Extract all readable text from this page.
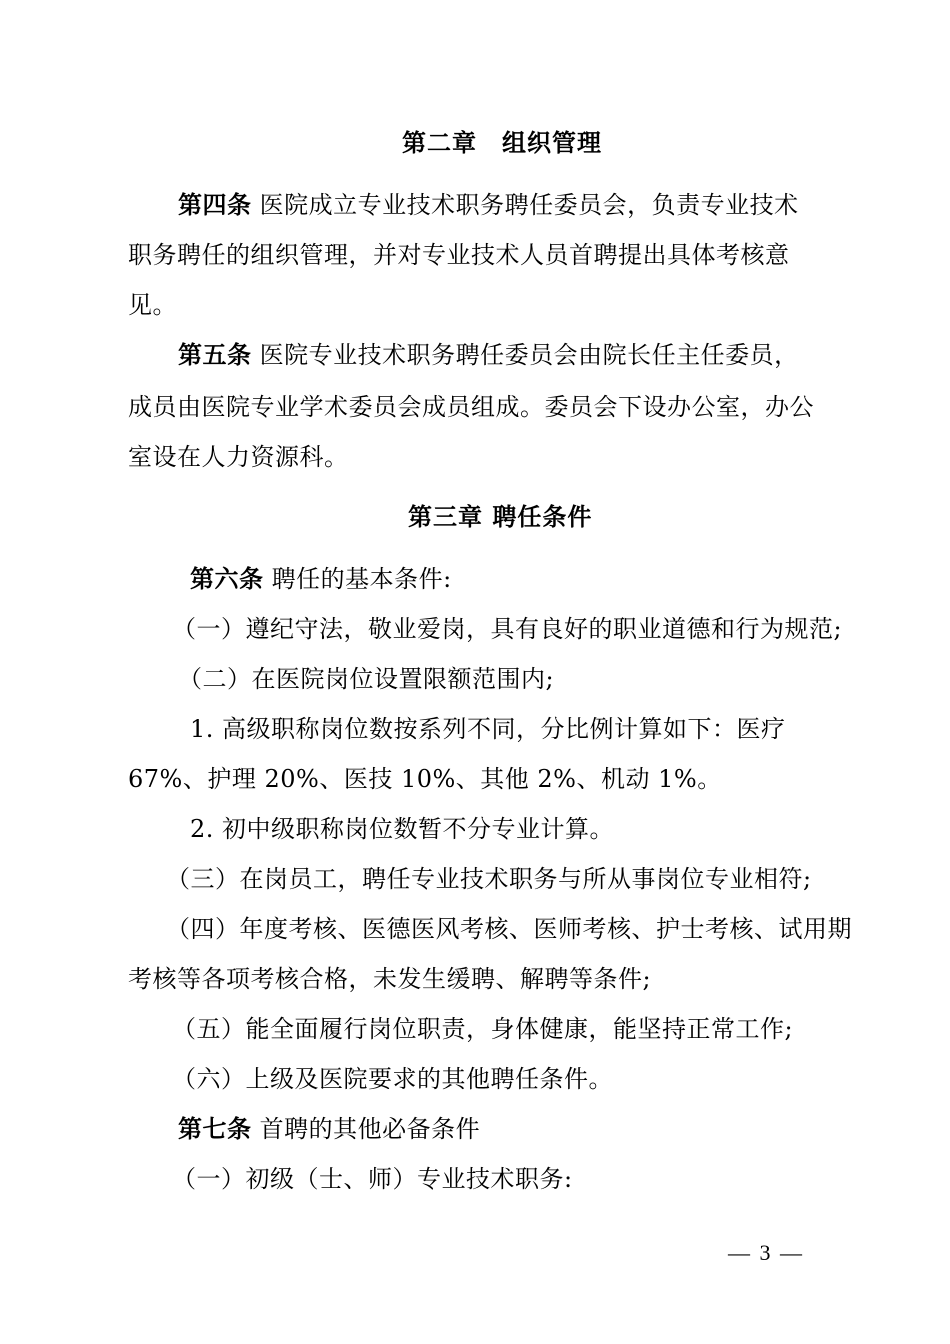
第二章　组织管理
第四条 医院成立专业技术职务聘任委员会，负责专业技术
职务聘任的组织管理，并对专业技术人员首聘提出具体考核意
见。
第五条 医院专业技术职务聘任委员会由院长任主任委员，
成员由医院专业学术委员会成员组成。委员会下设办公室，办公
室设在人力资源科。
第三章 聘任条件
第六条 聘任的基本条件:
（一）遵纪守法，敬业爱岗，具有良好的职业道德和行为规范;
（二）在医院岗位设置限额范围内;
1. 高级职称岗位数按系列不同，分比例计算如下：医疗
67%、护理 20%、医技 10%、其他 2%、机动 1%。
2. 初中级职称岗位数暂不分专业计算。
（三）在岗员工，聘任专业技术职务与所从事岗位专业相符;
（四）年度考核、医德医风考核、医师考核、护士考核、试用期
考核等各项考核合格，未发生缓聘、解聘等条件;
（五）能全面履行岗位职责，身体健康，能坚持正常工作;
（六）上级及医院要求的其他聘任条件。
第七条 首聘的其他必备条件
（一）初级（士、师）专业技术职务:
— 3 —
